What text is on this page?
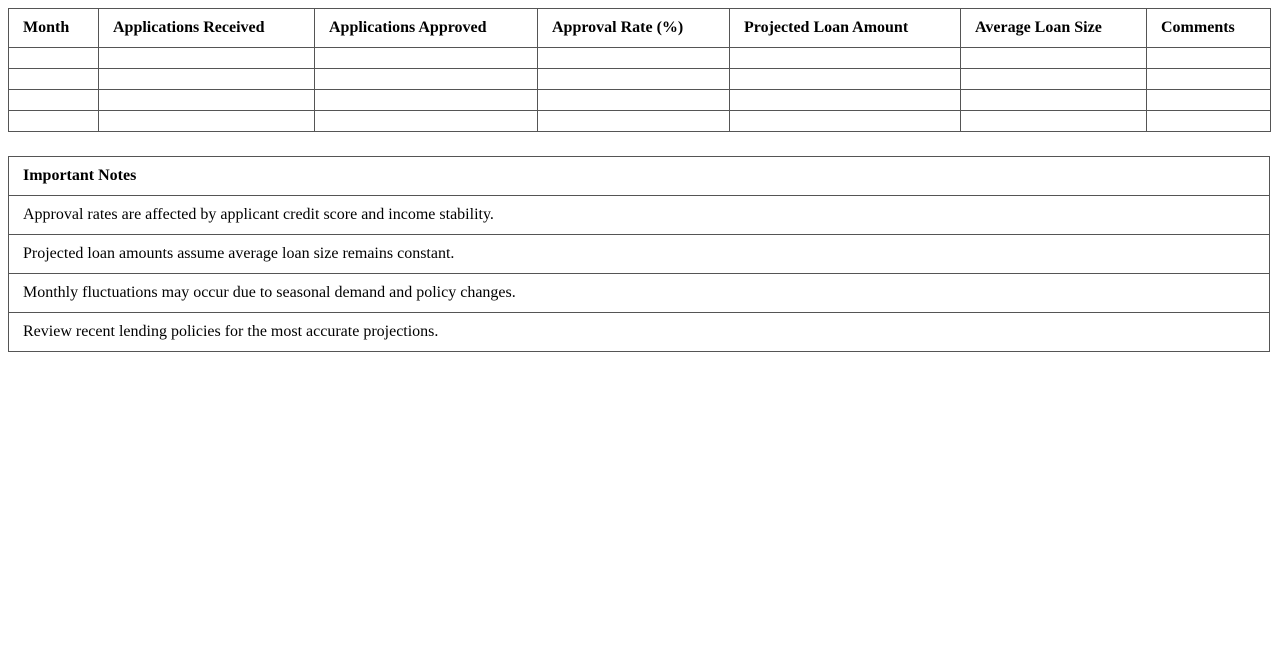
Month	Applications Received	Applications Approved	Approval Rate (%)	Projected Loan Amount	Average Loan Size	Comments

Important Notes
Approval rates are affected by applicant credit score and income stability.
Projected loan amounts assume average loan size remains constant.
Monthly fluctuations may occur due to seasonal demand and policy changes.
Review recent lending policies for the most accurate projections.
